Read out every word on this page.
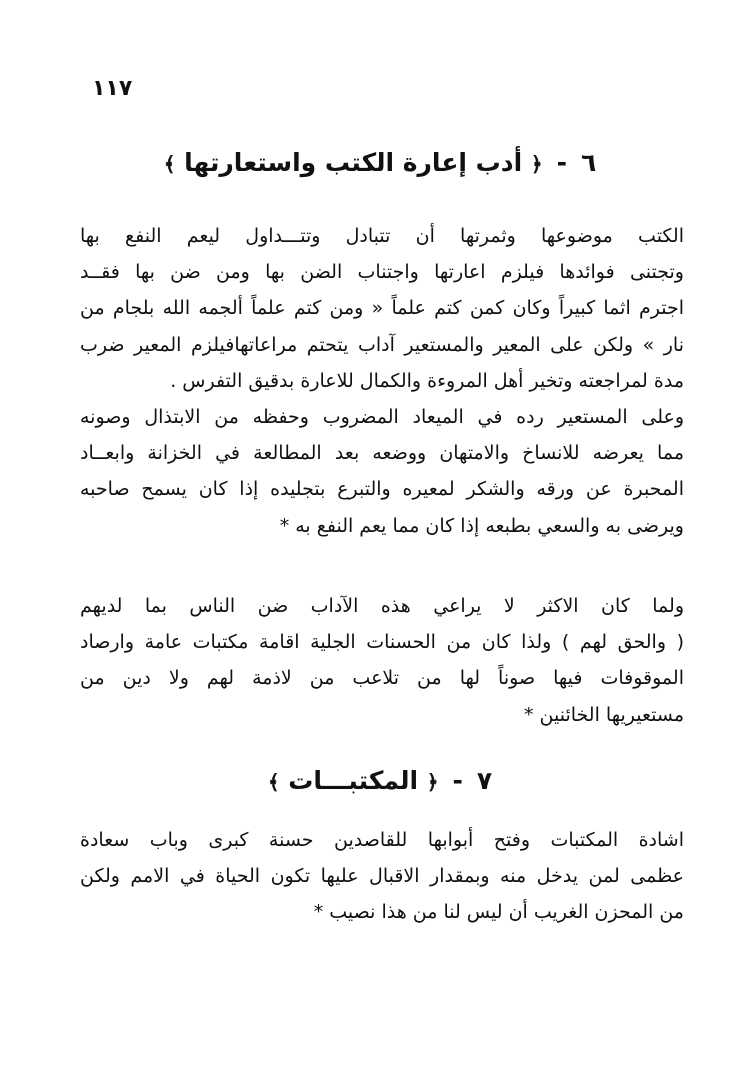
١١٧
٦-﴿ أدب إعارة الكتب واستعارتها ﴾
الكتب موضوعها وثمرتها أن تتبادل وتتـــداول ليعم النفع بها
وتجتنى فوائدها فيلزم اعارتها واجتناب الضن بها ومن ضن بها فقــد
اجترم اثما كبيراً وكان كمن كتم علماً « ومن كتم علماً ألجمه الله بلجام من
نار » ولكن على المعير والمستعير آداب يتحتم مراعاتهافيلزم المعير ضرب
مدة لمراجعته وتخير أهل المروءة والكمال للاعارة بدقيق التفرس .
وعلى المستعير رده في الميعاد المضروب وحفظه من الابتذال وصونه
مما يعرضه للانساخ والامتهان ووضعه بعد المطالعة في الخزانة وابعــاد
المحبرة عن ورقه والشكر لمعيره والتبرع بتجليده إذا كان يسمح صاحبه
ويرضى به والسعي بطبعه إذا كان مما يعم النفع به *
ولما كان الاكثر لا يراعي هذه الآداب ضن الناس بما لديهم
( والحق لهم ) ولذا كان من الحسنات الجلية اقامة مكتبات عامة وارصاد
الموقوفات فيها صوناً لها من تلاعب من لاذمة لهم ولا دين من
مستعيريها الخائنين *
٧-﴿ المكتبـــات ﴾
اشادة المكتبات وفتح أبوابها للقاصدين حسنة كبرى وباب سعادة
عظمى لمن يدخل منه وبمقدار الاقبال عليها تكون الحياة في الامم ولكن
من المحزن الغريب أن ليس لنا من هذا نصيب *
